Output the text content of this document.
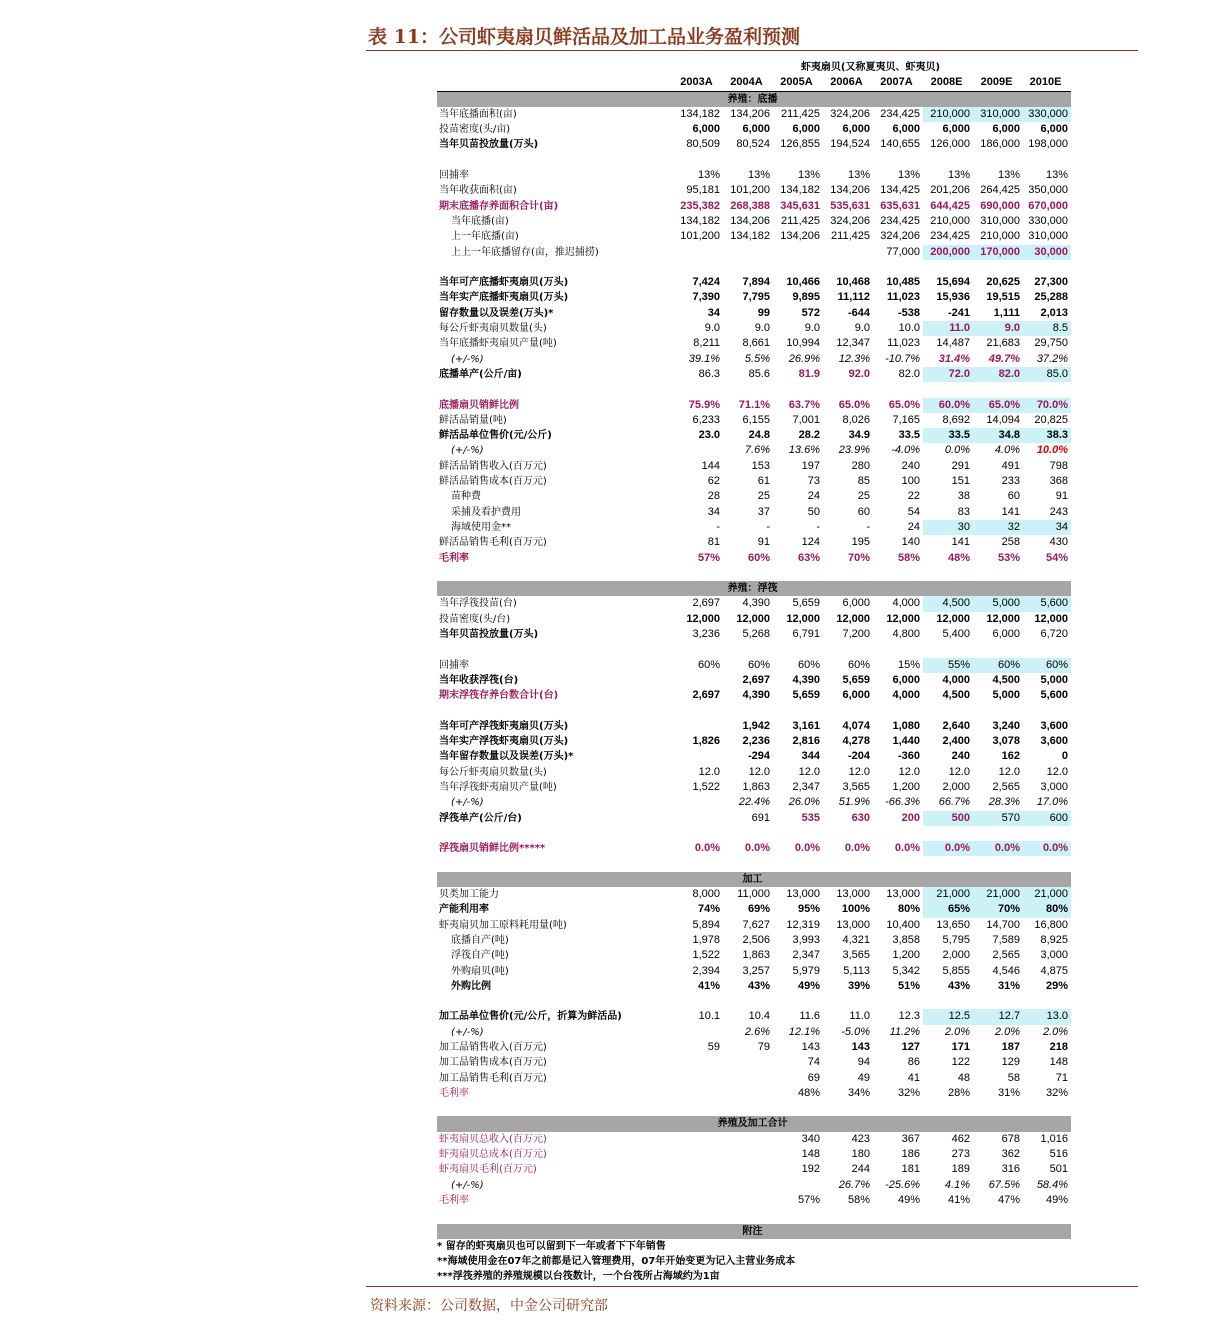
表 11：公司虾夷扇贝鲜活品及加工品业务盈利预测
	虾夷扇贝(又称夏夷贝、虾夷贝)							
	2003A	2004A	2005A	2006A	2007A	2008E	2009E	2010E
养殖：底播								
当年底播面积(亩)	134,182	134,206	211,425	324,206	234,425	210,000	310,000	330,000
投苗密度(头/亩)	6,000	6,000	6,000	6,000	6,000	6,000	6,000	6,000
当年贝苗投放量(万头)	80,509	80,524	126,855	194,524	140,655	126,000	186,000	198,000

回捕率	13%	13%	13%	13%	13%	13%	13%	13%
当年收获面积(亩)	95,181	101,200	134,182	134,206	134,425	201,206	264,425	350,000
期末底播存养面积合计(亩)	235,382	268,388	345,631	535,631	635,631	644,425	690,000	670,000
当年底播(亩)	134,182	134,206	211,425	324,206	234,425	210,000	310,000	330,000
上一年底播(亩)	101,200	134,182	134,206	211,425	324,206	234,425	210,000	310,000
上上一年底播留存(亩，推迟捕捞)					77,000	200,000	170,000	30,000

当年可产底播虾夷扇贝(万头)	7,424	7,894	10,466	10,468	10,485	15,694	20,625	27,300
当年实产底播虾夷扇贝(万头)	7,390	7,795	9,895	11,112	11,023	15,936	19,515	25,288
留存数量以及误差(万头)*	34	99	572	-644	-538	-241	1,111	2,013
每公斤虾夷扇贝数量(头)	9.0	9.0	9.0	9.0	10.0	11.0	9.0	8.5
当年底播虾夷扇贝产量(吨)	8,211	8,661	10,994	12,347	11,023	14,487	21,683	29,750
(+/-%)	39.1%	5.5%	26.9%	12.3%	-10.7%	31.4%	49.7%	37.2%
底播单产(公斤/亩)	86.3	85.6	81.9	92.0	82.0	72.0	82.0	85.0

底播扇贝销鲜比例	75.9%	71.1%	63.7%	65.0%	65.0%	60.0%	65.0%	70.0%
鲜活品销量(吨)	6,233	6,155	7,001	8,026	7,165	8,692	14,094	20,825
鲜活品单位售价(元/公斤)	23.0	24.8	28.2	34.9	33.5	33.5	34.8	38.3
(+/-%)		7.6%	13.6%	23.9%	-4.0%	0.0%	4.0%	10.0%
鲜活品销售收入(百万元)	144	153	197	280	240	291	491	798
鲜活品销售成本(百万元)	62	61	73	85	100	151	233	368
苗种费	28	25	24	25	22	38	60	91
采捕及看护费用	34	37	50	60	54	83	141	243
海域使用金**	-	-	-	-	24	30	32	34
鲜活品销售毛利(百万元)	81	91	124	195	140	141	258	430
毛利率	57%	60%	63%	70%	58%	48%	53%	54%

养殖：浮筏								
当年浮筏投苗(台)	2,697	4,390	5,659	6,000	4,000	4,500	5,000	5,600
投苗密度(头/台)	12,000	12,000	12,000	12,000	12,000	12,000	12,000	12,000
当年贝苗投放量(万头)	3,236	5,268	6,791	7,200	4,800	5,400	6,000	6,720

回捕率	60%	60%	60%	60%	15%	55%	60%	60%
当年收获浮筏(台)		2,697	4,390	5,659	6,000	4,000	4,500	5,000
期末浮筏存养台数合计(台)	2,697	4,390	5,659	6,000	4,000	4,500	5,000	5,600

当年可产浮筏虾夷扇贝(万头)		1,942	3,161	4,074	1,080	2,640	3,240	3,600
当年实产浮筏虾夷扇贝(万头)	1,826	2,236	2,816	4,278	1,440	2,400	3,078	3,600
当年留存数量以及误差(万头)*		-294	344	-204	-360	240	162	0
每公斤虾夷扇贝数量(头)	12.0	12.0	12.0	12.0	12.0	12.0	12.0	12.0
当年浮筏虾夷扇贝产量(吨)	1,522	1,863	2,347	3,565	1,200	2,000	2,565	3,000
(+/-%)		22.4%	26.0%	51.9%	-66.3%	66.7%	28.3%	17.0%
浮筏单产(公斤/台)		691	535	630	200	500	570	600

浮筏扇贝销鲜比例*****	0.0%	0.0%	0.0%	0.0%	0.0%	0.0%	0.0%	0.0%

加工								
贝类加工能力	8,000	11,000	13,000	13,000	13,000	21,000	21,000	21,000
产能利用率	74%	69%	95%	100%	80%	65%	70%	80%
虾夷扇贝加工原料耗用量(吨)	5,894	7,627	12,319	13,000	10,400	13,650	14,700	16,800
底播自产(吨)	1,978	2,506	3,993	4,321	3,858	5,795	7,589	8,925
浮筏自产(吨)	1,522	1,863	2,347	3,565	1,200	2,000	2,565	3,000
外购扇贝(吨)	2,394	3,257	5,979	5,113	5,342	5,855	4,546	4,875
外购比例	41%	43%	49%	39%	51%	43%	31%	29%

加工品单位售价(元/公斤，折算为鲜活品)	10.1	10.4	11.6	11.0	12.3	12.5	12.7	13.0
(+/-%)		2.6%	12.1%	-5.0%	11.2%	2.0%	2.0%	2.0%
加工品销售收入(百万元)	59	79	143	143	127	171	187	218
加工品销售成本(百万元)			74	94	86	122	129	148
加工品销售毛利(百万元)			69	49	41	48	58	71
毛利率			48%	34%	32%	28%	31%	32%

养殖及加工合计								
虾夷扇贝总收入(百万元)			340	423	367	462	678	1,016
虾夷扇贝总成本(百万元)			148	180	186	273	362	516
虾夷扇贝毛利(百万元)			192	244	181	189	316	501
(+/-%)				26.7%	-25.6%	4.1%	67.5%	58.4%
毛利率			57%	58%	49%	41%	47%	49%

附注								
* 留存的虾夷扇贝也可以留到下一年或者下下年销售								
**海域使用金在07年之前都是记入管理费用，07年开始变更为记入主营业务成本								
***浮筏养殖的养殖规模以台筏数计，一个台筏所占海域约为1亩								
资料来源：公司数据，中金公司研究部
